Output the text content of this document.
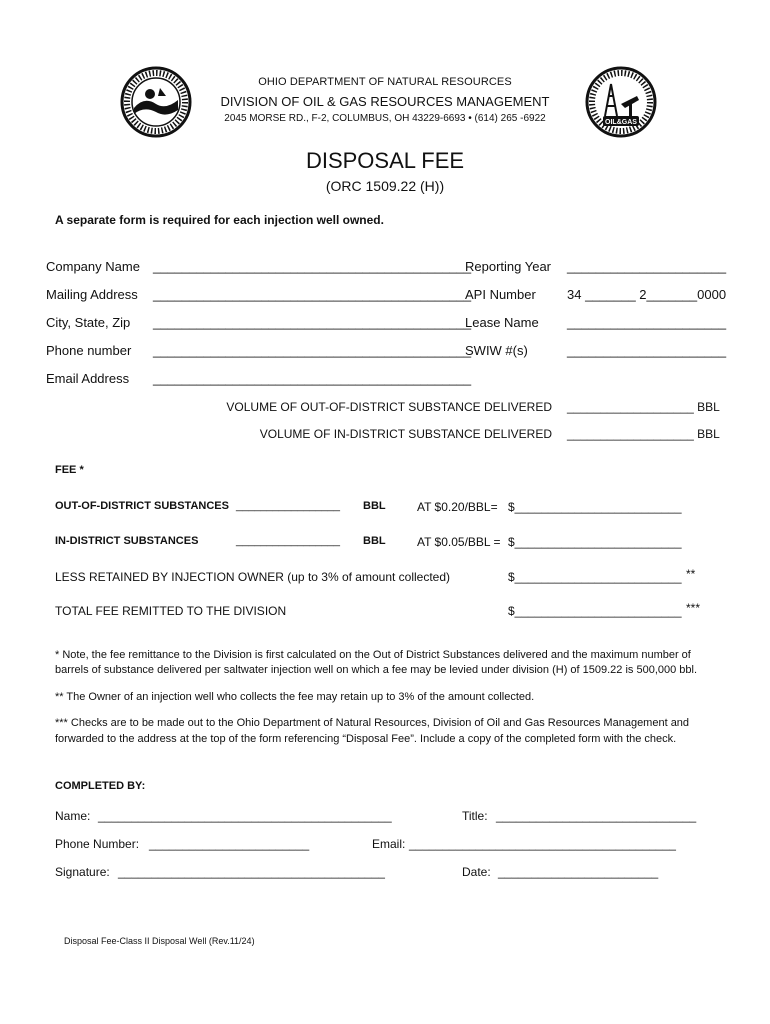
OIL&GAS
OHIO DEPARTMENT OF NATURAL RESOURCES
DIVISION OF OIL & GAS RESOURCES MANAGEMENT
2045 MORSE RD., F-2, COLUMBUS, OH 43229-6693 • (614) 265 -6922
DISPOSAL FEE
(ORC 1509.22 (H))
A separate form is required for each injection well owned.
Company Name ____________________________________________
Mailing Address ____________________________________________
City, State, Zip ____________________________________________
Phone number ____________________________________________
Email Address ____________________________________________
Reporting Year ______________________
API Number 34 _______ 2_______0000
Lease Name ______________________
SWIW #(s)	______________________
VOLUME OF OUT-OF-DISTRICT SUBSTANCE DELIVERED ___________________ BBL
VOLUME OF IN-DISTRICT SUBSTANCE DELIVERED ___________________ BBL
FEE *
OUT-OF-DISTRICT SUBSTANCES _________________ BBL	AT $0.20/BBL= $_________________________
IN-DISTRICT SUBSTANCES	_________________ BBL	AT $0.05/BBL = $_________________________
LESS RETAINED BY INJECTION OWNER (up to 3% of amount collected)	$_________________________ **
TOTAL FEE REMITTED TO THE DIVISION	$_________________________ ***
* Note, the fee remittance to the Division is first calculated on the Out of District Substances delivered and the maximum number of
barrels of substance delivered per saltwater injection well on which a fee may be levied under division (H) of 1509.22 is 500,000 bbl.
** The Owner of an injection well who collects the fee may retain up to 3% of the amount collected.
*** Checks are to be made out to the Ohio Department of Natural Resources, Division of Oil and Gas Resources Management and
forwarded to the address at the top of the form referencing “Disposal Fee”. Include a copy of the completed form with the check.
COMPLETED BY:
Name: ____________________________________________	Title: ______________________________
Phone Number: ________________________	Email: ________________________________________
Signature: ________________________________________	Date: ________________________
Disposal Fee-Class II Disposal Well (Rev.11/24)
